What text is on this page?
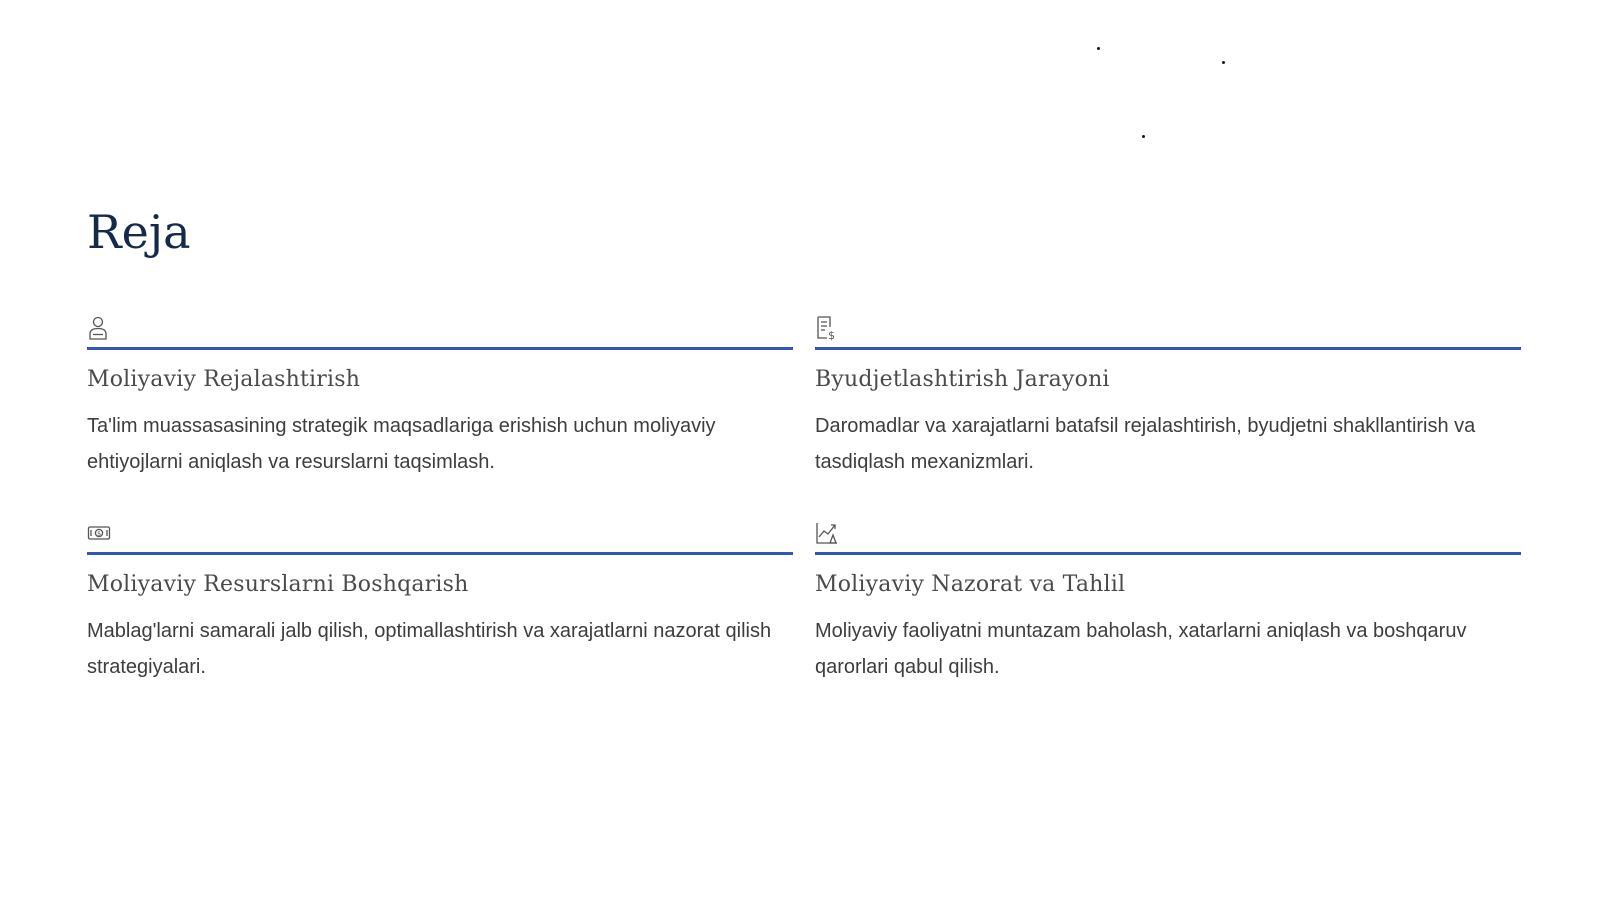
Reja
Moliyaviy Rejalashtirish
Ta'lim muassasasining strategik maqsadlariga erishish uchun moliyaviy ehtiyojlarni aniqlash va resurslarni taqsimlash.
$
Byudjetlashtirish Jarayoni
Daromadlar va xarajatlarni batafsil rejalashtirish, byudjetni shakllantirish va tasdiqlash mexanizmlari.
$
Moliyaviy Resurslarni Boshqarish
Mablag'larni samarali jalb qilish, optimallashtirish va xarajatlarni nazorat qilish strategiyalari.
Moliyaviy Nazorat va Tahlil
Moliyaviy faoliyatni muntazam baholash, xatarlarni aniqlash va boshqaruv qarorlari qabul qilish.
